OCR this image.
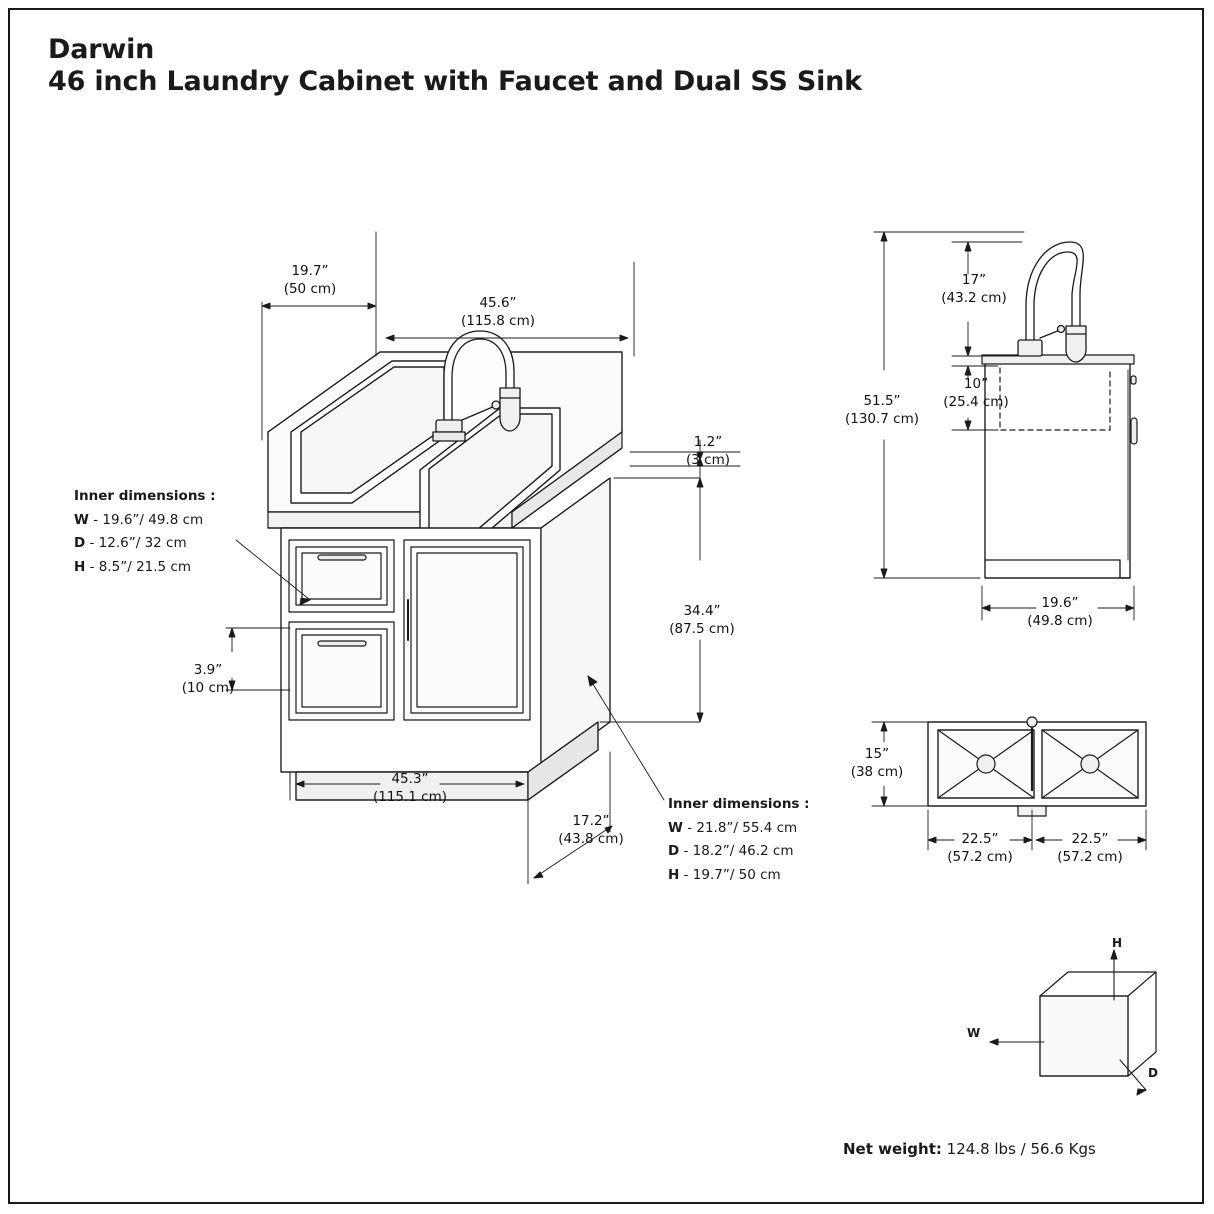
Darwin
46 inch Laundry Cabinet with Faucet and Dual SS Sink
19.7”
(50 cm)
45.6”
(115.8 cm)
1.2”
(3 cm)
34.4”
(87.5 cm)
3.9”
(10 cm)
45.3”
(115.1 cm)
17.2”
(43.8 cm)
Inner dimensions :
W - 19.6”/ 49.8 cm
D - 12.6”/ 32 cm
H - 8.5”/ 21.5 cm
Inner dimensions :
W - 21.8”/ 55.4 cm
D - 18.2”/ 46.2 cm
H - 19.7”/ 50 cm
17”
(43.2 cm)
10”
(25.4 cm)
51.5”
(130.7 cm)
19.6”
(49.8 cm)
15”
(38 cm)
22.5”
(57.2 cm)
22.5”
(57.2 cm)
H
W
D
Net weight: 124.8 lbs / 56.6 Kgs
